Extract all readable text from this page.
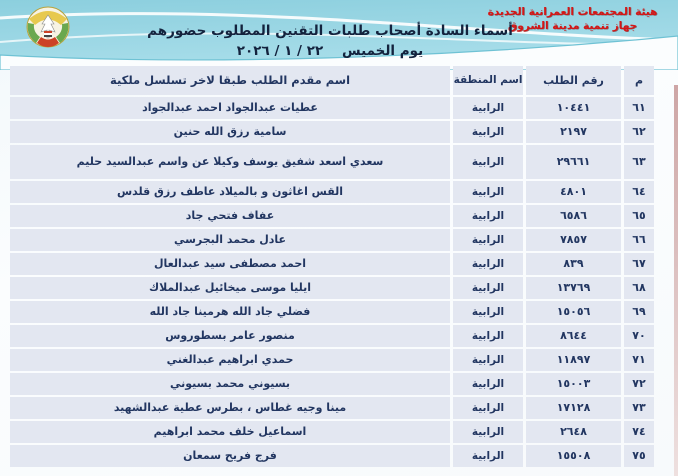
هيئة المجتمعات العمرانية الجديدة
جهاز تنمية مدينة الشروق
أسماء السادة أصحاب طلبات التقنين المطلوب حضورهم
يوم الخميس    ٢٢ / ١ / ٢٠٢٦
م
رقم الطلب
اسم المنطقة
اسم مقدم الطلب طبقا لاخر تسلسل ملكية
٦١
١٠٤٤١
الرابية
عطيات عبدالجواد احمد عبدالجواد
٦٢
٢١٩٧
الرابية
سامية رزق الله حنين
٦٣
٢٩٦٦١
الرابية
سعدي اسعد شفيق يوسف وكيلا عن واسم عبدالسيد حليم
٦٤
٤٨٠١
الرابية
القس اغاثون و بالميلاد عاطف رزق قلدس
٦٥
٦٥٨٦
الرابية
عفاف فتحي جاد
٦٦
٧٨٥٧
الرابية
عادل محمد البجرسي
٦٧
٨٣٩
الرابية
احمد مصطفى سيد عبدالعال
٦٨
١٣٧٦٩
الرابية
ايليا موسى ميخائيل عبدالملاك
٦٩
١٥٠٥٦
الرابية
فضلي جاد الله هرمينا جاد الله
٧٠
٨٦٤٤
الرابية
منصور عامر بسطوروس
٧١
١١٨٩٧
الرابية
حمدي ابراهيم عبدالغني
٧٢
١٥٠٠٣
الرابية
بسيوني محمد بسيوني
٧٣
١٧١٢٨
الرابية
مينا وجيه غطاس ، بطرس عطية عبدالشهيد
٧٤
٢٦٤٨
الرابية
اسماعيل خلف محمد ابراهيم
٧٥
١٥٥٠٨
الرابية
فرج فريح سمعان
